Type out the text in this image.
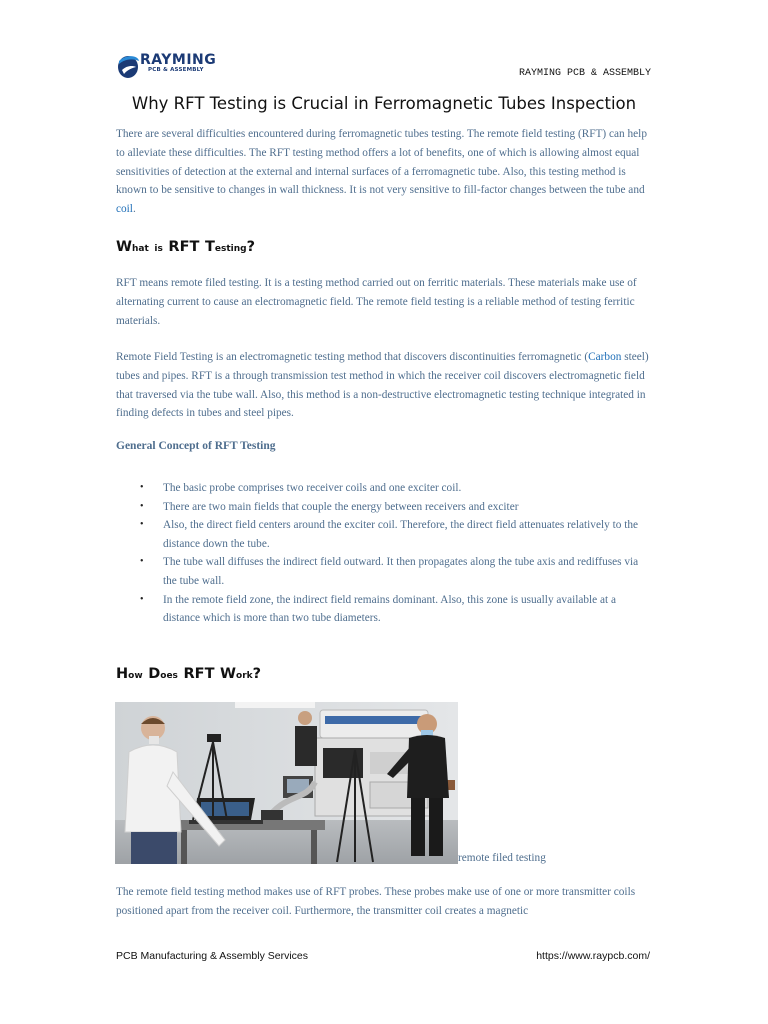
RAYMING
PCB & ASSEMBLY	RAYMING PCB & ASSEMBLY
Why RFT Testing is Crucial in Ferromagnetic Tubes Inspection

There are several difficulties encountered during ferromagnetic tubes testing. The remote field testing (RFT) can help to alleviate these difficulties. The RFT testing method offers a lot of benefits, one of which is allowing almost equal sensitivities of detection at the external and internal surfaces of a ferromagnetic tube. Also, this testing method is known to be sensitive to changes in wall thickness. It is not very sensitive to fill-factor changes between the tube and coil.

What is RFT Testing?

RFT means remote filed testing. It is a testing method carried out on ferritic materials. These materials make use of alternating current to cause an electromagnetic field. The remote field testing is a reliable method of testing ferritic materials.

Remote Field Testing is an electromagnetic testing method that discovers discontinuities ferromagnetic (Carbon steel) tubes and pipes. RFT is a through transmission test method in which the receiver coil discovers electromagnetic field that traversed via the tube wall. Also, this method is a non-destructive electromagnetic testing technique integrated in finding defects in tubes and steel pipes.

General Concept of RFT Testing
• The basic probe comprises two receiver coils and one exciter coil.
• There are two main fields that couple the energy between receivers and exciter
• Also, the direct field centers around the exciter coil. Therefore, the direct field attenuates relatively to the distance down the tube.
• The tube wall diffuses the indirect field outward. It then propagates along the tube axis and rediffuses via the tube wall.
• In the remote field zone, the indirect field remains dominant. Also, this zone is usually available at a distance which is more than two tube diameters.
How Does RFT Work?
remote filed testing

The remote field testing method makes use of RFT probes. These probes make use of one or more transmitter coils positioned apart from the receiver coil. Furthermore, the transmitter coil creates a magnetic

PCB Manufacturing & Assembly Services	https://www.raypcb.com/
